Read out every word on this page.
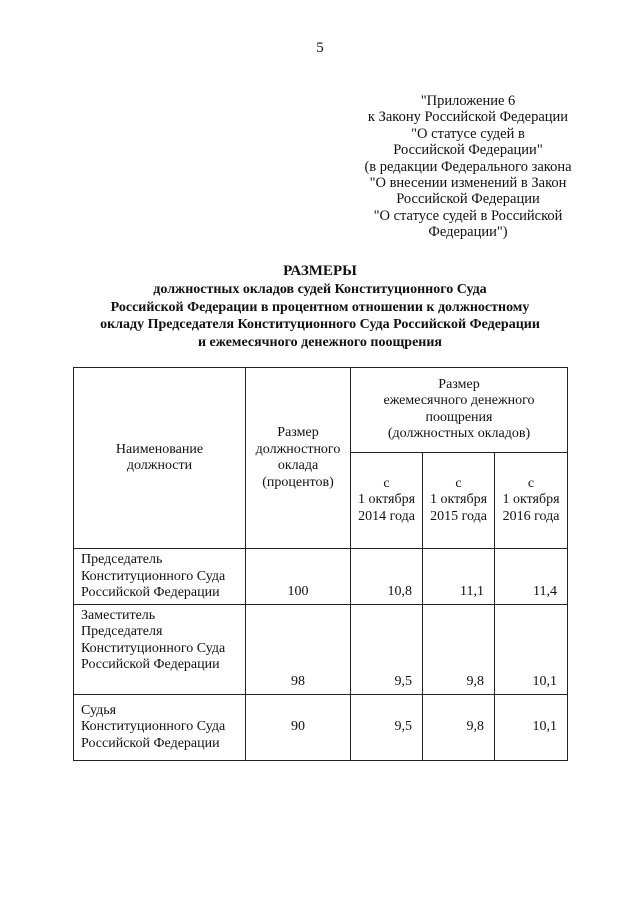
5
"Приложение 6
к Закону Российской Федерации
"О статусе судей в
Российской Федерации"
(в редакции Федерального закона
"О внесении изменений в Закон
Российской Федерации
"О статусе судей в Российской
Федерации")
РАЗМЕРЫ
должностных окладов судей Конституционного Суда
Российской Федерации в процентном отношении к должностному
окладу Председателя Конституционного Суда Российской Федерации
и ежемесячного денежного поощрения
Наименование
должности	Размер
должностного
оклада
(процентов)	Размер
ежемесячного денежного
поощрения
(должностных окладов)		
		с
1 октября
2014 года	с
1 октября
2015 года	с
1 октября
2016 года
Председатель
Конституционного Суда
Российской Федерации	100	10,8	11,1	11,4
Заместитель
Председателя
Конституционного Суда
Российской Федерации	98	9,5	9,8	10,1
Судья
Конституционного Суда
Российской Федерации	90	9,5	9,8	10,1
